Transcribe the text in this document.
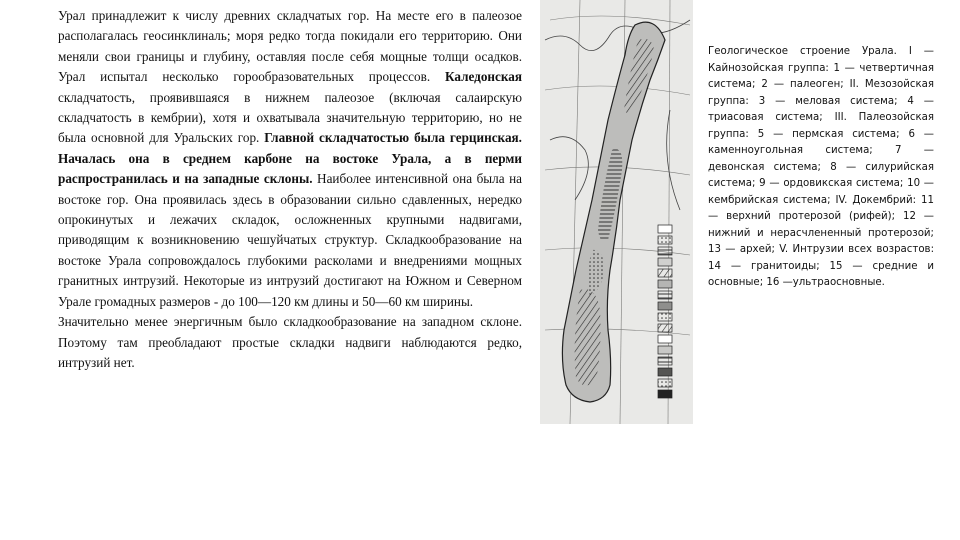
Урал принадлежит к числу древних складчатых гор. На месте его в палеозое располагалась геосинклиналь; моря редко тогда покидали его территорию. Они меняли свои границы и глубину, оставляя после себя мощные толщи осадков. Урал испытал несколько горообразовательных процессов. Каледонская складчатость, проявившаяся в нижнем палеозое (включая салаирскую складчатость в кембрии), хотя и охватывала значительную территорию, но не была основной для Уральских гор. Главной складчатостью была герцинская. Началась она в среднем карбоне на востоке Урала, а в перми распространилась и на западные склоны. Наиболее интенсивной она была на востоке гор. Она проявилась здесь в образовании сильно сдавленных, нередко опрокинутых и лежачих складок, осложненных крупными надвигами, приводящим к возникновению чешуйчатых структур. Складкообразование на востоке Урала сопровождалось глубокими расколами и внедрениями мощных гранитных интрузий. Некоторые из интрузий достигают на Южном и Северном Урале громадных размеров - до 100—120 км длины и 50—60 км ширины.

Значительно менее энергичным было складкообразование на западном склоне. Поэтому там преобладают простые складки надвиги наблюдаются редко, интрузий нет.

Геологическое строение Урала. I — Кайнозойская группа: 1 — четвертичная система; 2 — палеоген; II. Мезозойская группа: 3 — меловая система; 4 — триасовая система; III. Палеозойская группа: 5 — пермская система; 6 — каменноугольная система; 7 — девонская система; 8 — силурийская система; 9 — ордовикская система; 10 — кембрийская система; IV. Докембрий: 11— верхний протерозой (рифей); 12 — нижний и нерасчлененный протерозой; 13 — архей; V. Интрузии всех возрастов: 14 — гранитоиды; 15 — средние и основные; 16 —ультраосновные.
